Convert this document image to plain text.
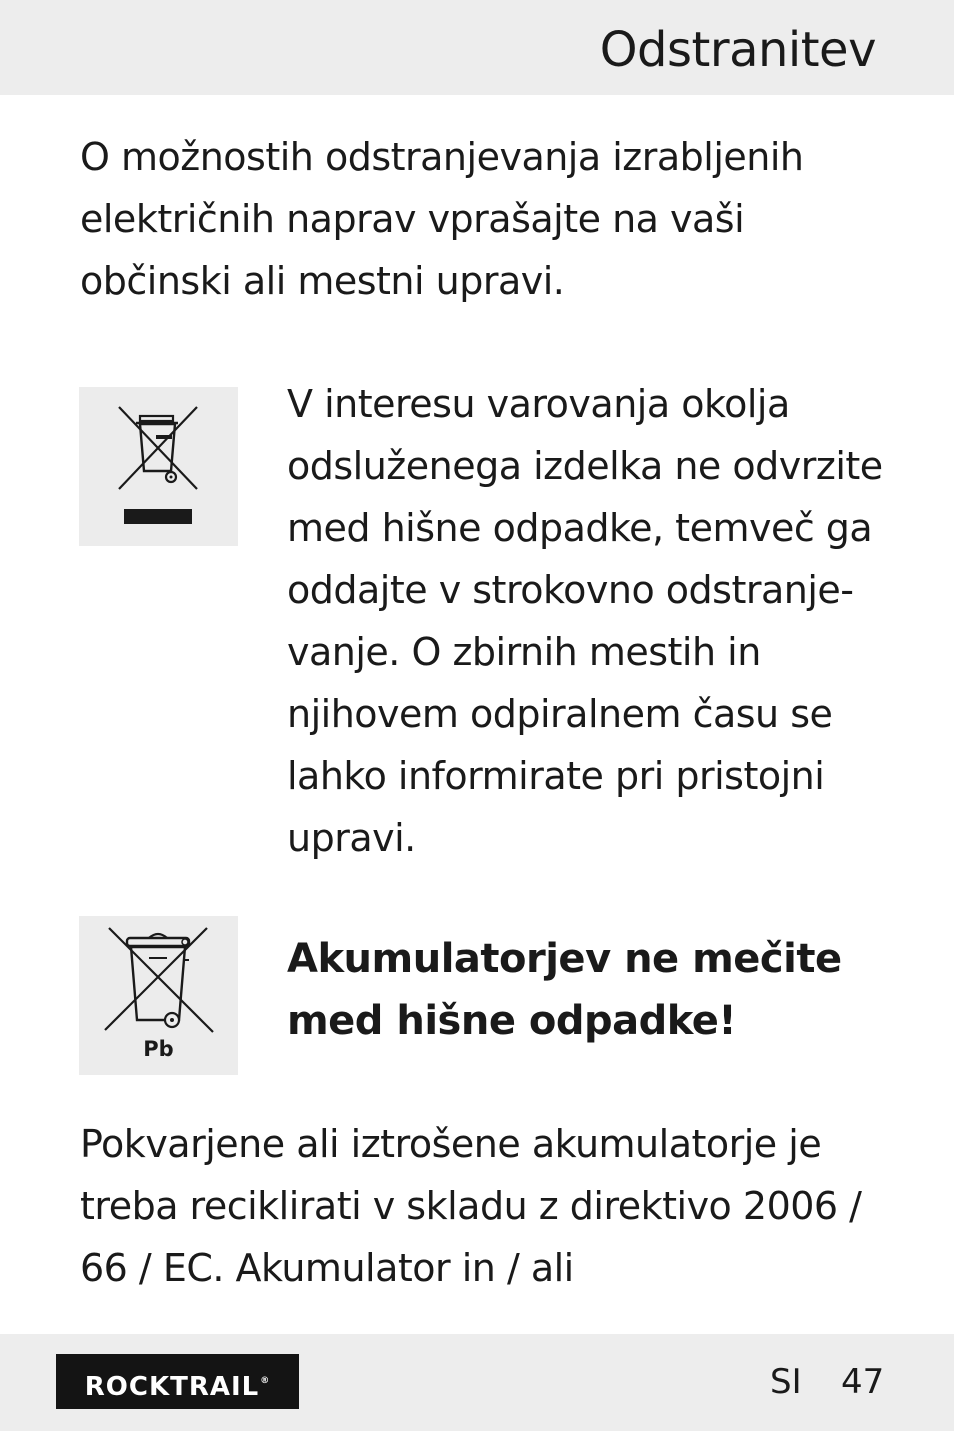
Odstranitev

O možnostih odstranjevanja izrabljenih električnih naprav vprašajte na vaši občinski ali mestni upravi.

V interesu varovanja okolja odsluženega izdelka ne odvrzite med hišne odpadke, temveč ga oddajte v strokovno odstranje-vanje. O zbirnih mestih in njihovem odpiralnem času se lahko informirate pri pristojni upravi.

Pb
Akumulatorjev ne mečite med hišne odpadke!

Pokvarjene ali iztrošene akumulatorje je treba reciklirati v skladu z direktivo 2006 / 66 / EC. Akumulator in / ali

ROCKTRAIL®	SI 47
